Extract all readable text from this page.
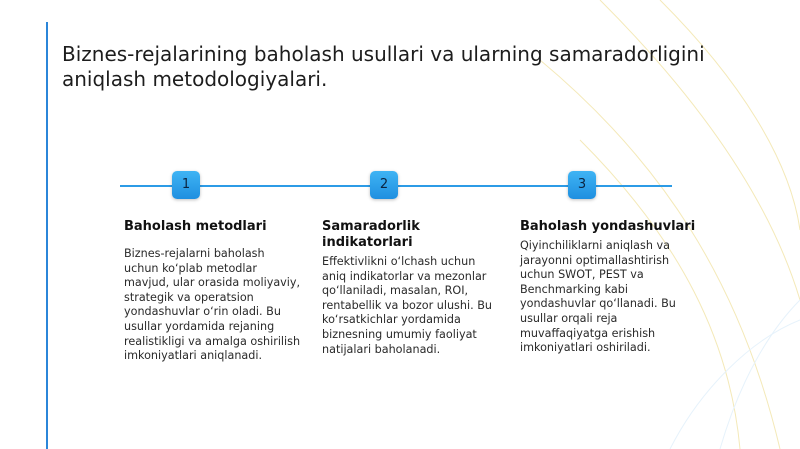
Biznes-rejalarining baholash usullari va ularning samaradorligini aniqlash metodologiyalari.
1	2	3
Baholash metodlari

Biznes-rejalarni baholash uchun ko‘plab metodlar mavjud, ular orasida moliyaviy, strategik va operatsion yondashuvlar o‘rin oladi. Bu usullar yordamida rejaning realistikligi va amalga oshirilish imkoniyatlari aniqlanadi.

Samaradorlik indikatorlari

Effektivlikni o‘lchash uchun aniq indikatorlar va mezonlar qo‘llaniladi, masalan, ROI, rentabellik va bozor ulushi. Bu ko‘rsatkichlar yordamida biznesning umumiy faoliyat natijalari baholanadi.

Baholash yondashuvlari

Qiyinchiliklarni aniqlash va jarayonni optimallashtirish uchun SWOT, PEST va Benchmarking kabi yondashuvlar qo‘llanadi. Bu usullar orqali reja muvaffaqiyatga erishish imkoniyatlari oshiriladi.
